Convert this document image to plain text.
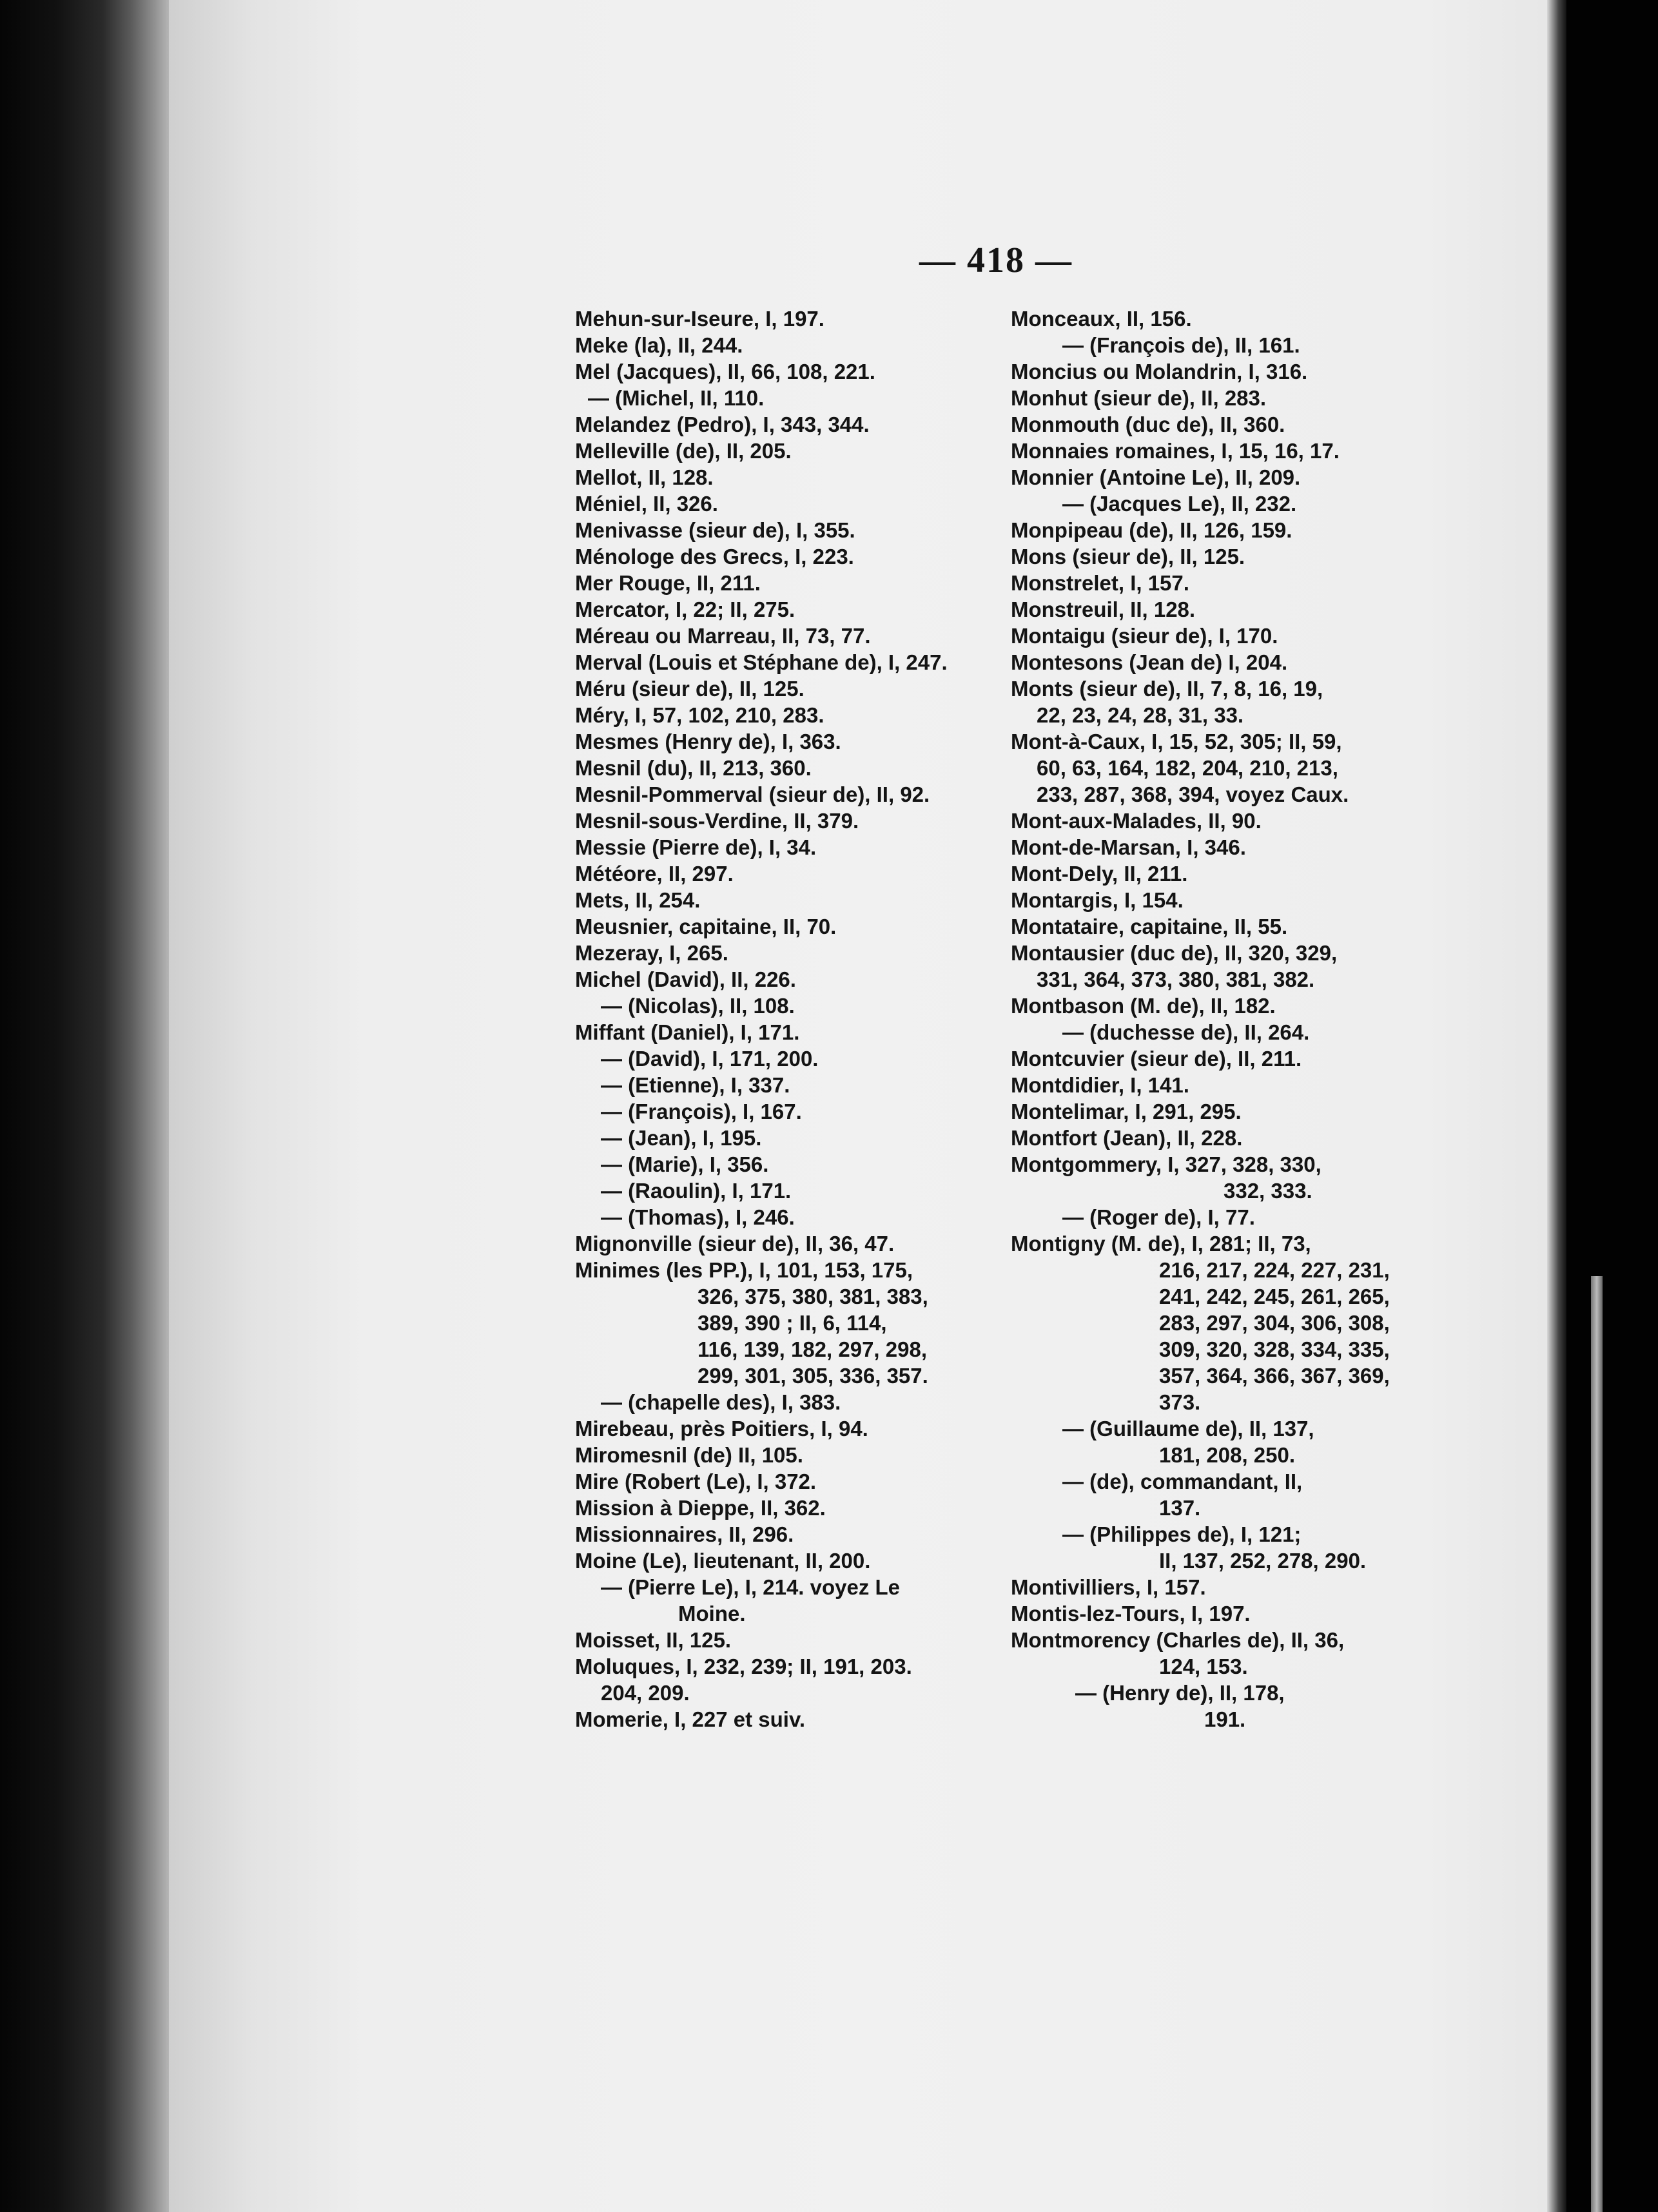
— 418 —
Mehun-sur-Iseure, I, 197.
Meke (la), II, 244.
Mel (Jacques), II, 66, 108, 221.
— (Michel, II, 110.
Melandez (Pedro), I, 343, 344.
Melleville (de), II, 205.
Mellot, II, 128.
Méniel, II, 326.
Menivasse (sieur de), I, 355.
Ménologe des Grecs, I, 223.
Mer Rouge, II, 211.
Mercator, I, 22; II, 275.
Méreau ou Marreau, II, 73, 77.
Merval (Louis et Stéphane de), I, 247.
Méru (sieur de), II, 125.
Méry, I, 57, 102, 210, 283.
Mesmes (Henry de), I, 363.
Mesnil (du), II, 213, 360.
Mesnil-Pommerval (sieur de), II, 92.
Mesnil-sous-Verdine, II, 379.
Messie (Pierre de), I, 34.
Météore, II, 297.
Mets, II, 254.
Meusnier, capitaine, II, 70.
Mezeray, I, 265.
Michel (David), II, 226.
— (Nicolas), II, 108.
Miffant (Daniel), I, 171.
— (David), I, 171, 200.
— (Etienne), I, 337.
— (François), I, 167.
— (Jean), I, 195.
— (Marie), I, 356.
— (Raoulin), I, 171.
— (Thomas), I, 246.
Mignonville (sieur de), II, 36, 47.
Minimes (les PP.), I, 101, 153, 175,
326, 375, 380, 381, 383,
389, 390 ; II, 6, 114,
116, 139, 182, 297, 298,
299, 301, 305, 336, 357.
— (chapelle des), I, 383.
Mirebeau, près Poitiers, I, 94.
Miromesnil (de) II, 105.
Mire (Robert (Le), I, 372.
Mission à Dieppe, II, 362.
Missionnaires, II, 296.
Moine (Le), lieutenant, II, 200.
— (Pierre Le), I, 214. voyez Le
Moine.
Moisset, II, 125.
Moluques, I, 232, 239; II, 191, 203.
204, 209.
Momerie, I, 227 et suiv.
Monceaux, II, 156.
— (François de), II, 161.
Moncius ou Molandrin, I, 316.
Monhut (sieur de), II, 283.
Monmouth (duc de), II, 360.
Monnaies romaines, I, 15, 16, 17.
Monnier (Antoine Le), II, 209.
— (Jacques Le), II, 232.
Monpipeau (de), II, 126, 159.
Mons (sieur de), II, 125.
Monstrelet, I, 157.
Monstreuil, II, 128.
Montaigu (sieur de), I, 170.
Montesons (Jean de) I, 204.
Monts (sieur de), II, 7, 8, 16, 19,
22, 23, 24, 28, 31, 33.
Mont-à-Caux, I, 15, 52, 305; II, 59,
60, 63, 164, 182, 204, 210, 213,
233, 287, 368, 394, voyez Caux.
Mont-aux-Malades, II, 90.
Mont-de-Marsan, I, 346.
Mont-Dely, II, 211.
Montargis, I, 154.
Montataire, capitaine, II, 55.
Montausier (duc de), II, 320, 329,
331, 364, 373, 380, 381, 382.
Montbason (M. de), II, 182.
— (duchesse de), II, 264.
Montcuvier (sieur de), II, 211.
Montdidier, I, 141.
Montelimar, I, 291, 295.
Montfort (Jean), II, 228.
Montgommery, I, 327, 328, 330,
332, 333.
— (Roger de), I, 77.
Montigny (M. de), I, 281; II, 73,
216, 217, 224, 227, 231,
241, 242, 245, 261, 265,
283, 297, 304, 306, 308,
309, 320, 328, 334, 335,
357, 364, 366, 367, 369,
373.
— (Guillaume de), II, 137,
181, 208, 250.
— (de), commandant, II,
137.
— (Philippes de), I, 121;
II, 137, 252, 278, 290.
Montivilliers, I, 157.
Montis-lez-Tours, I, 197.
Montmorency (Charles de), II, 36,
124, 153.
— (Henry de), II, 178,
191.
